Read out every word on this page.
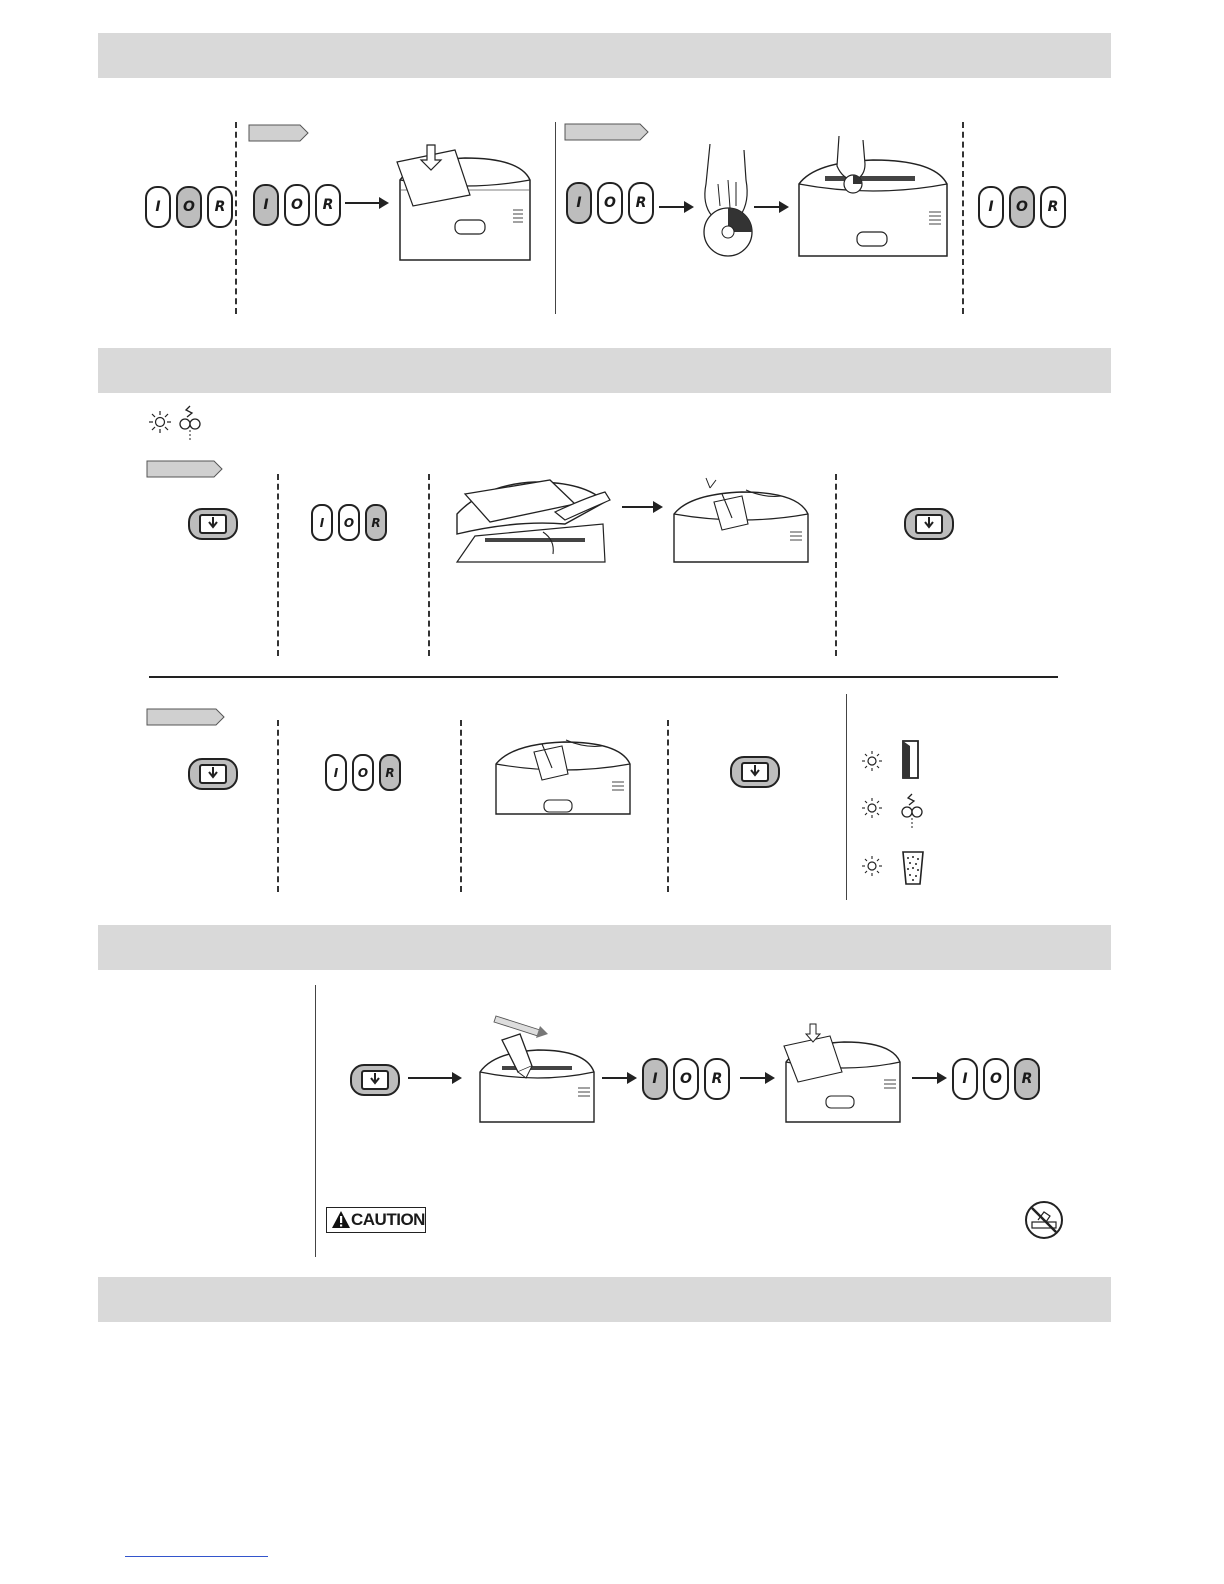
I O R	I O R	I O R	I O R
I O R
I O R
I O R	I O R
CAUTION
